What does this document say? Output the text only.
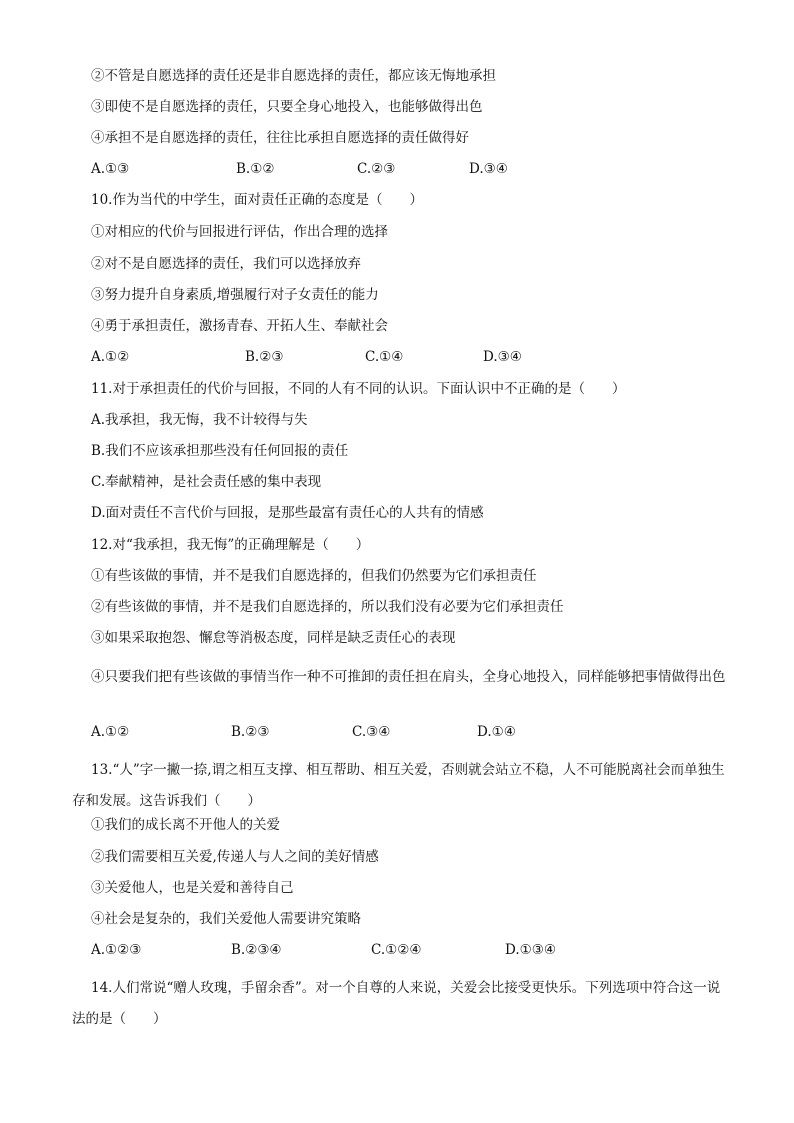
②不管是自愿选择的责任还是非自愿选择的责任，都应该无悔地承担
③即使不是自愿选择的责任，只要全身心地投入，也能够做得出色
④承担不是自愿选择的责任，往往比承担自愿选择的责任做得好
A.①③	B.①②	C.②③	D.③④
10.作为当代的中学生，面对责任正确的态度是（　　）
①对相应的代价与回报进行评估，作出合理的选择
②对不是自愿选择的责任，我们可以选择放弃
③努力提升自身素质,增强履行对子女责任的能力
④勇于承担责任，激扬青春、开拓人生、奉献社会
A.①②	B.②③	C.①④	D.③④
11.对于承担责任的代价与回报，不同的人有不同的认识。下面认识中不正确的是（　　）
A.我承担，我无悔，我不计较得与失
B.我们不应该承担那些没有任何回报的责任
C.奉献精神，是社会责任感的集中表现
D.面对责任不言代价与回报，是那些最富有责任心的人共有的情感
12.对“我承担，我无悔”的正确理解是（　　）
①有些该做的事情，并不是我们自愿选择的，但我们仍然要为它们承担责任
②有些该做的事情，并不是我们自愿选择的，所以我们没有必要为它们承担责任
③如果采取抱怨、懈怠等消极态度，同样是缺乏责任心的表现
④只要我们把有些该做的事情当作一种不可推卸的责任担在肩头，全身心地投入，同样能够把事情做得出色
A.①②	B.②③	C.③④	D.①④
13.“人”字一撇一捺,谓之相互支撑、相互帮助、相互关爱，否则就会站立不稳，人不可能脱离社会而单独生存和发展。这告诉我们（　　）
①我们的成长离不开他人的关爱
②我们需要相互关爱,传递人与人之间的美好情感
③关爱他人，也是关爱和善待自己
④社会是复杂的，我们关爱他人需要讲究策略
A.①②③	B.②③④	C.①②④	D.①③④
14.人们常说“赠人玫瑰，手留余香”。对一个自尊的人来说，关爱会比接受更快乐。下列选项中符合这一说法的是（　　）
